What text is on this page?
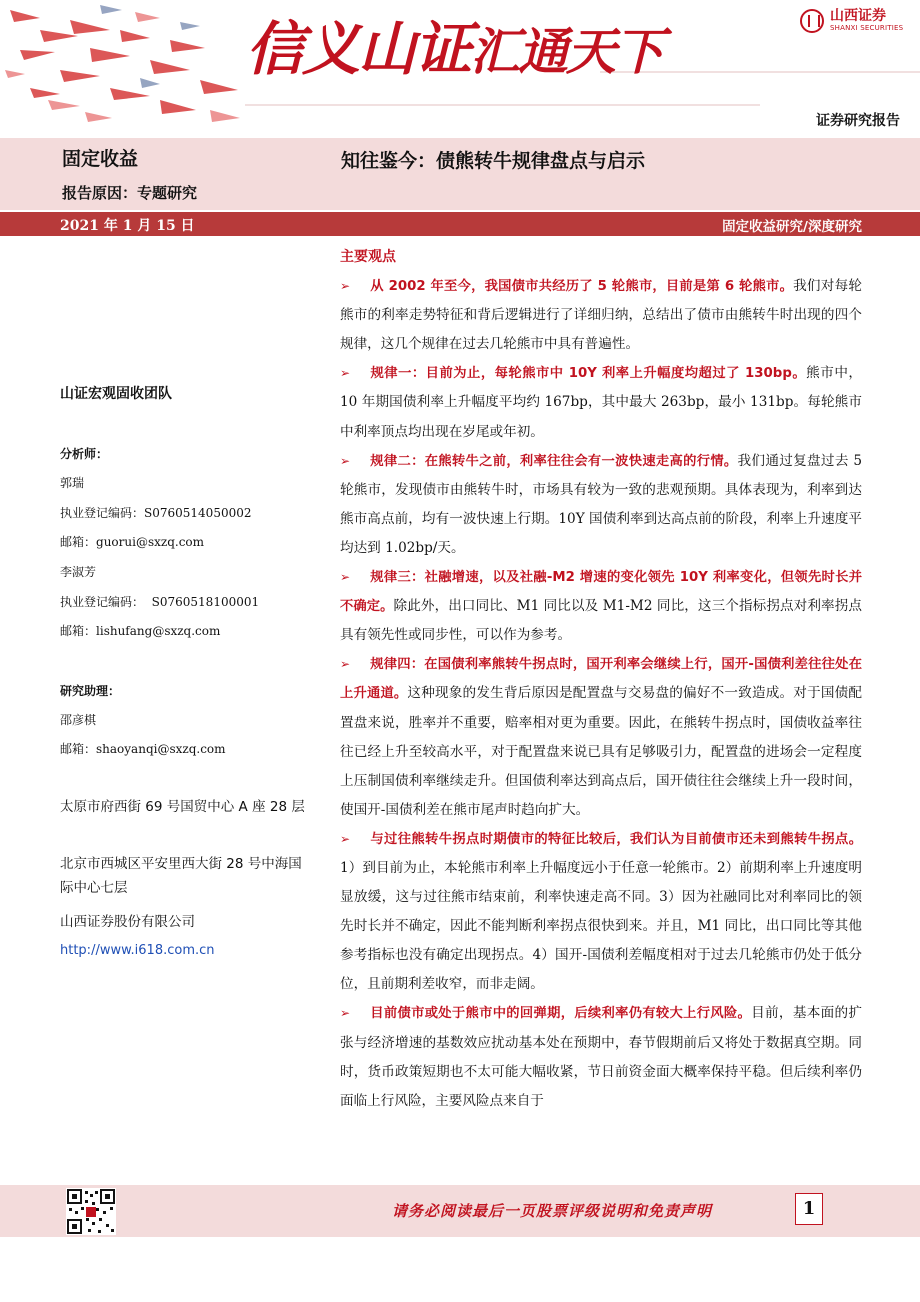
信义山证汇通天下
山西证券
SHANXI SECURITIES
证券研究报告
固定收益
报告原因：专题研究
知往鉴今：债熊转牛规律盘点与启示
2021 年 1 月 15 日	固定收益研究/深度研究
山证宏观固收团队
分析师：
郭瑞
执业登记编码：S0760514050002
邮箱：guorui@sxzq.com
李淑芳
执业登记编码： S0760518100001
邮箱：lishufang@sxzq.com
研究助理：
邵彦棋
邮箱：shaoyanqi@sxzq.com
太原市府西街 69 号国贸中心 A 座 28 层
北京市西城区平安里西大街 28 号中海国际中心七层
山西证券股份有限公司
http://www.i618.com.cn
主要观点

➢ 从 2002 年至今，我国债市共经历了 5 轮熊市，目前是第 6 轮熊市。我们对每轮熊市的利率走势特征和背后逻辑进行了详细归纳，总结出了债市由熊转牛时出现的四个规律，这几个规律在过去几轮熊市中具有普遍性。

➢ 规律一：目前为止，每轮熊市中 10Y 利率上升幅度均超过了 130bp。熊市中，10 年期国债利率上升幅度平均约 167bp，其中最大 263bp，最小 131bp。每轮熊市中利率顶点均出现在岁尾或年初。

➢ 规律二：在熊转牛之前，利率往往会有一波快速走高的行情。我们通过复盘过去 5 轮熊市，发现债市由熊转牛时，市场具有较为一致的悲观预期。具体表现为，利率到达熊市高点前，均有一波快速上行期。10Y 国债利率到达高点前的阶段，利率上升速度平均达到 1.02bp/天。

➢ 规律三：社融增速，以及社融-M2 增速的变化领先 10Y 利率变化，但领先时长并不确定。除此外，出口同比、M1 同比以及 M1-M2 同比，这三个指标拐点对利率拐点具有领先性或同步性，可以作为参考。

➢ 规律四：在国债利率熊转牛拐点时，国开利率会继续上行，国开-国债利差往往处在上升通道。这种现象的发生背后原因是配置盘与交易盘的偏好不一致造成。对于国债配置盘来说，胜率并不重要，赔率相对更为重要。因此，在熊转牛拐点时，国债收益率往往已经上升至较高水平，对于配置盘来说已具有足够吸引力，配置盘的进场会一定程度上压制国债利率继续走升。但国债利率达到高点后，国开债往往会继续上升一段时间，使国开-国债利差在熊市尾声时趋向扩大。

➢ 与过往熊转牛拐点时期债市的特征比较后，我们认为目前债市还未到熊转牛拐点。1）到目前为止，本轮熊市利率上升幅度远小于任意一轮熊市。2）前期利率上升速度明显放缓，这与过往熊市结束前，利率快速走高不同。3）因为社融同比对利率同比的领先时长并不确定，因此不能判断利率拐点很快到来。并且，M1 同比，出口同比等其他参考指标也没有确定出现拐点。4）国开-国债利差幅度相对于过去几轮熊市仍处于低分位，且前期利差收窄，而非走阔。

➢ 目前债市或处于熊市中的回弹期，后续利率仍有较大上行风险。目前，基本面的扩张与经济增速的基数效应扰动基本处在预期中，春节假期前后又将处于数据真空期。同时，货币政策短期也不太可能大幅收紧，节日前资金面大概率保持平稳。但后续利率仍面临上行风险，主要风险点来自于

请务必阅读最后一页股票评级说明和免责声明	1
